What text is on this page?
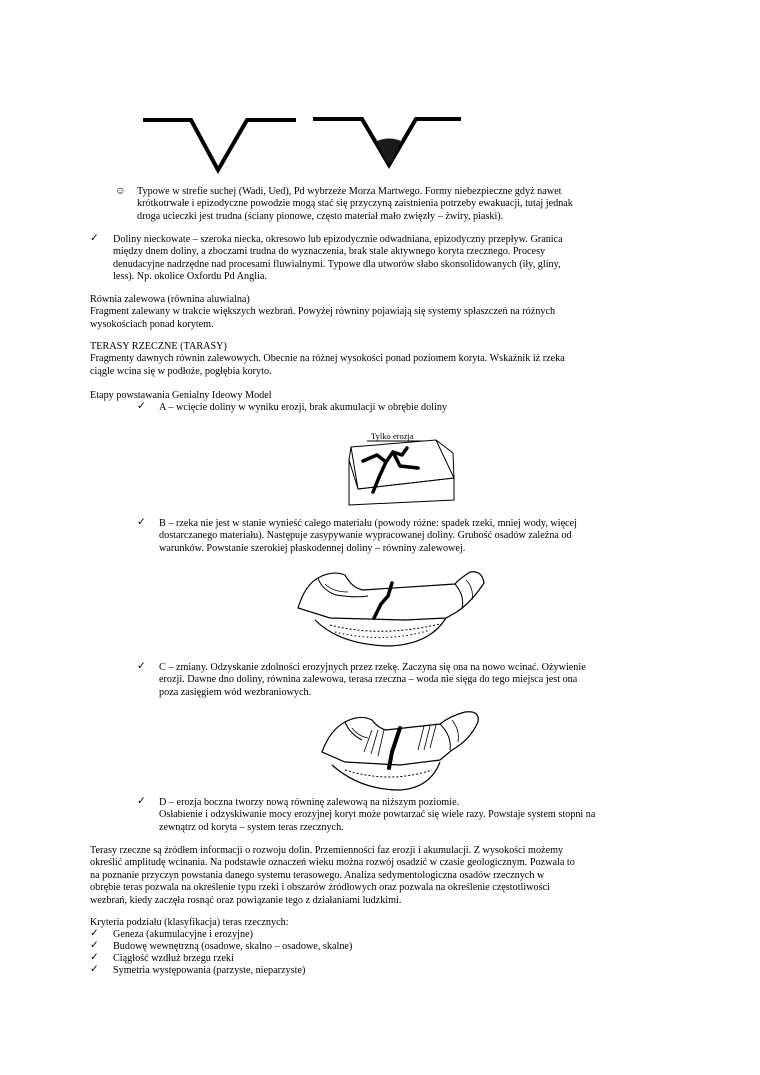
☺ Typowe w strefie suchej (Wadi, Ued), Pd wybrzeże Morza Martwego. Formy niebezpieczne gdyż nawet
krótkotrwałe i epizodyczne powodzie mogą stać się przyczyną zaistnienia potrzeby ewakuacji, tutaj jednak
droga ucieczki jest trudna (ściany pionowe, często materiał mało zwięzły – żwiry, piaski).
✓ Doliny nieckowate – szeroka niecka, okresowo lub epizodycznie odwadniana, epizodyczny przepływ. Granica
między dnem doliny, a zboczami trudna do wyznaczenia, brak stale aktywnego koryta rzecznego. Procesy
denudacyjne nadrzędne nad procesami fluwialnymi. Typowe dla utworów słabo skonsolidowanych (iły, gliny,
less). Np. okolice Oxfordu Pd Anglia.
Równia zalewowa (równina aluwialna)
Fragment zalewany w trakcie większych wezbrań. Powyżej równiny pojawiają się systemy spłaszczeń na różnych
wysokościach ponad korytem.
TERASY RZECZNE (TARASY)
Fragmenty dawnych równin zalewowych. Obecnie na różnej wysokości ponad poziomem koryta. Wskaźnik iż rzeka
ciągle wcina się w podłoże, pogłębia koryto.
Etapy powstawania Genialny Ideowy Model
✓ A – wcięcie doliny w wyniku erozji, brak akumulacji w obrębie doliny
Tylko erozja
✓ B – rzeka nie jest w stanie wynieść całego materiału (powody różne: spadek rzeki, mniej wody, więcej
dostarczanego materiału). Następuje zasypywanie wypracowanej doliny. Grubość osadów zależna od
warunków. Powstanie szerokiej płaskodennej doliny – równiny zalewowej.
✓ C – zmiany. Odzyskanie zdolności erozyjnych przez rzekę. Zaczyna się ona na nowo wcinać. Ożywienie
erozji. Dawne dno doliny, równina zalewowa, terasa rzeczna – woda nie sięga do tego miejsca jest ona
poza zasięgiem wód wezbraniowych.
✓ D – erozja boczna tworzy nową równinę zalewową na niższym poziomie.
Osłabienie i odzyskiwanie mocy erozyjnej koryt może powtarzać się wiele razy. Powstaje system stopni na
zewnątrz od koryta – system teras rzecznych.
Terasy rzeczne są źródłem informacji o rozwoju dolin. Przemienności faz erozji i akumulacji. Z wysokości możemy
określić amplitudę wcinania. Na podstawie oznaczeń wieku można rozwój osadzić w czasie geologicznym. Pozwala to
na poznanie przyczyn powstania danego systemu terasowego. Analiza sedymentologiczna osadów rzecznych w
obrębie teras pozwala na określenie typu rzeki i obszarów źródłowych oraz pozwala na określenie częstotliwości
wezbrań, kiedy zaczęła rosnąć oraz powiązanie tego z działaniami ludzkimi.
Kryteria podziału (klasyfikacja) teras rzecznych:
✓ Geneza (akumulacyjne i erozyjne)
✓ Budowę wewnętrzną (osadowe, skalno – osadowe, skalne)
✓ Ciągłość wzdłuż brzegu rzeki
✓ Symetria występowania (parzyste, nieparzyste)
